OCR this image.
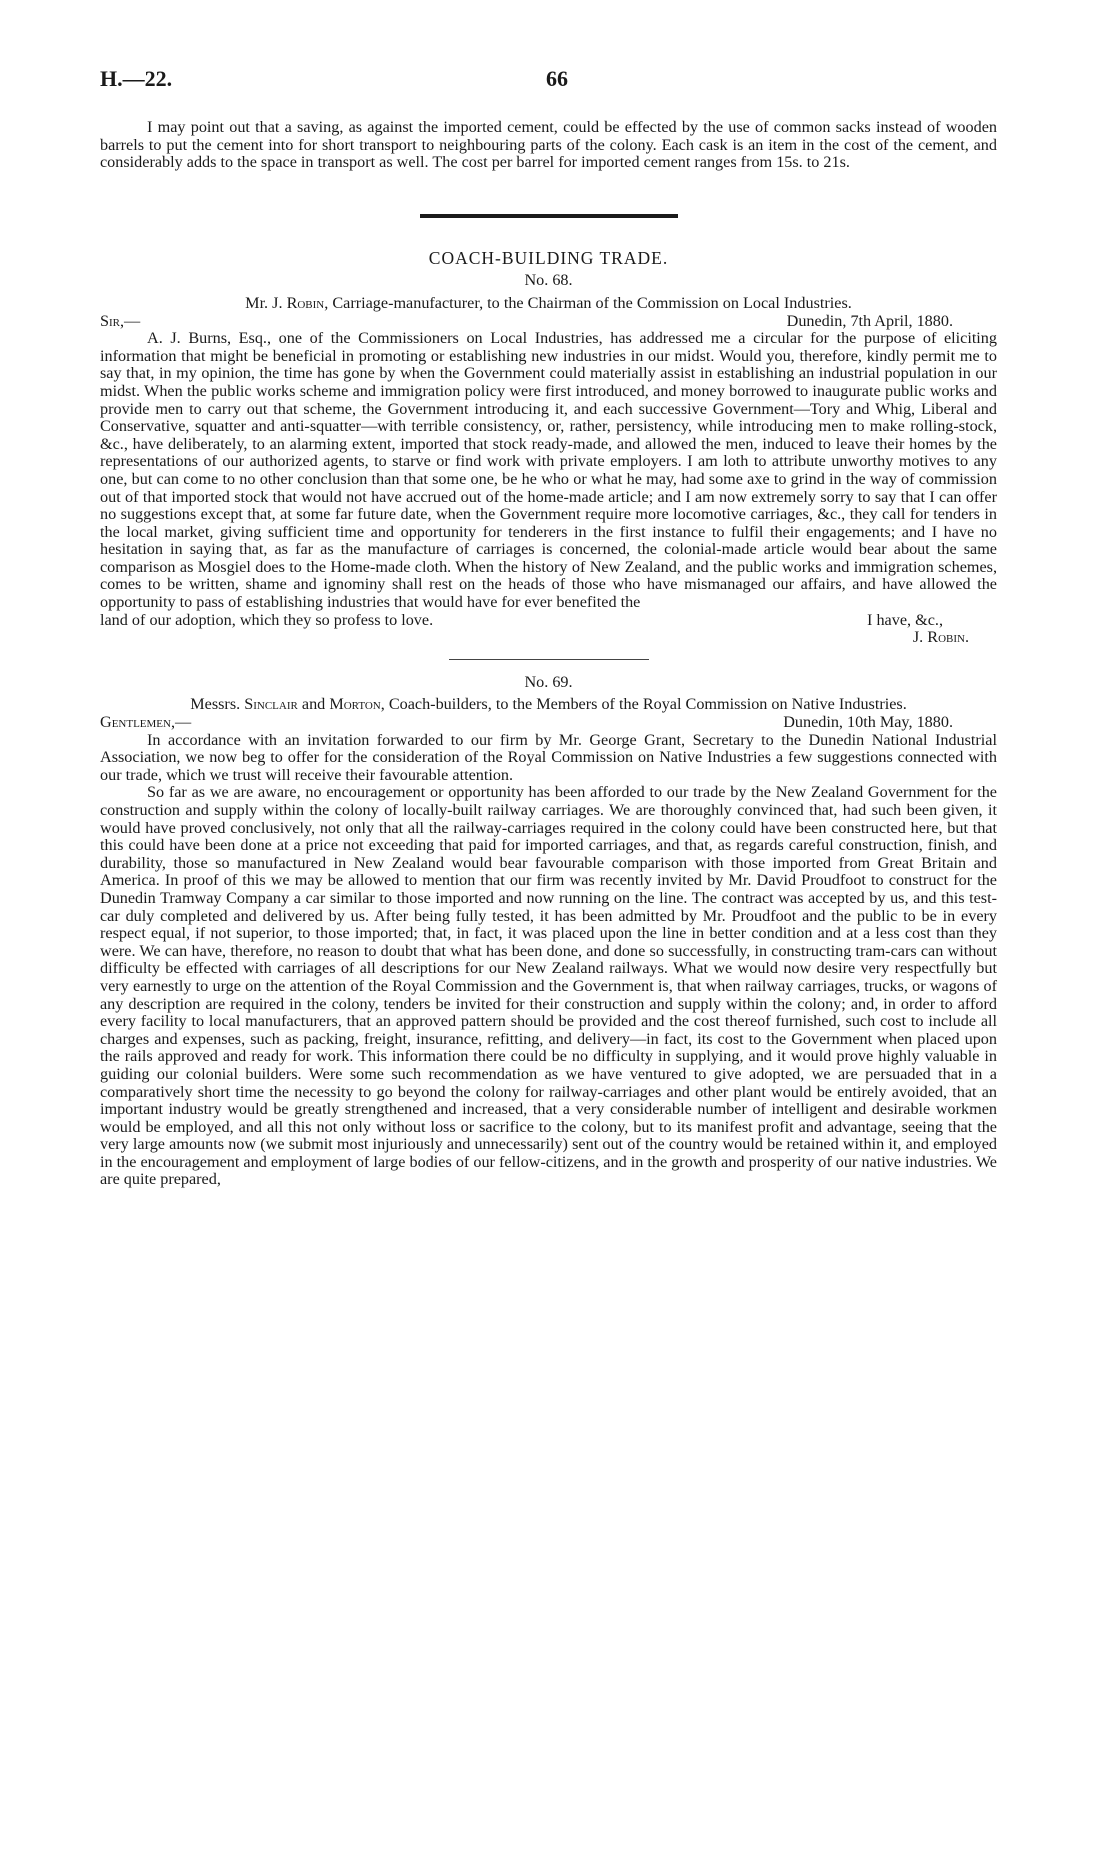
H.—22.	66

I may point out that a saving, as against the imported cement, could be effected by the use of common sacks instead of wooden barrels to put the cement into for short transport to neighbouring parts of the colony. Each cask is an item in the cost of the cement, and considerably adds to the space in transport as well. The cost per barrel for imported cement ranges from 15s. to 21s.

COACH-BUILDING TRADE.
No. 68.
Mr. J. Robin, Carriage-manufacturer, to the Chairman of the Commission on Local Industries.
Sir,—	Dunedin, 7th April, 1880.

A. J. Burns, Esq., one of the Commissioners on Local Industries, has addressed me a circular for the purpose of eliciting information that might be beneficial in promoting or establishing new industries in our midst. Would you, therefore, kindly permit me to say that, in my opinion, the time has gone by when the Government could materially assist in establishing an industrial population in our midst. When the public works scheme and immigration policy were first introduced, and money borrowed to inaugurate public works and provide men to carry out that scheme, the Government introducing it, and each successive Government—Tory and Whig, Liberal and Conservative, squatter and anti-squatter—with terrible consistency, or, rather, persistency, while introducing men to make rolling-stock, &c., have deliberately, to an alarming extent, imported that stock ready-made, and allowed the men, induced to leave their homes by the representations of our authorized agents, to starve or find work with private employers. I am loth to attribute unworthy motives to any one, but can come to no other conclusion than that some one, be he who or what he may, had some axe to grind in the way of commission out of that imported stock that would not have accrued out of the home-made article; and I am now extremely sorry to say that I can offer no suggestions except that, at some far future date, when the Government require more locomotive carriages, &c., they call for tenders in the local market, giving sufficient time and opportunity for tenderers in the first instance to fulfil their engagements; and I have no hesitation in saying that, as far as the manufacture of carriages is concerned, the colonial-made article would bear about the same comparison as Mosgiel does to the Home-made cloth. When the history of New Zealand, and the public works and immigration schemes, comes to be written, shame and ignominy shall rest on the heads of those who have mismanaged our affairs, and have allowed the opportunity to pass of establishing industries that would have for ever benefited the

land of our adoption, which they so profess to love.	I have, &c.,
J. Robin.
No. 69.
Messrs. Sinclair and Morton, Coach-builders, to the Members of the Royal Commission on Native Industries.
Gentlemen,—	Dunedin, 10th May, 1880.

In accordance with an invitation forwarded to our firm by Mr. George Grant, Secretary to the Dunedin National Industrial Association, we now beg to offer for the consideration of the Royal Commission on Native Industries a few suggestions connected with our trade, which we trust will receive their favourable attention.

So far as we are aware, no encouragement or opportunity has been afforded to our trade by the New Zealand Government for the construction and supply within the colony of locally-built railway carriages. We are thoroughly convinced that, had such been given, it would have proved conclusively, not only that all the railway-carriages required in the colony could have been constructed here, but that this could have been done at a price not exceeding that paid for imported carriages, and that, as regards careful construction, finish, and durability, those so manufactured in New Zealand would bear favourable comparison with those imported from Great Britain and America. In proof of this we may be allowed to mention that our firm was recently invited by Mr. David Proudfoot to construct for the Dunedin Tramway Company a car similar to those imported and now running on the line. The contract was accepted by us, and this test-car duly completed and delivered by us. After being fully tested, it has been admitted by Mr. Proudfoot and the public to be in every respect equal, if not superior, to those imported; that, in fact, it was placed upon the line in better condition and at a less cost than they were. We can have, therefore, no reason to doubt that what has been done, and done so successfully, in constructing tram-cars can without difficulty be effected with carriages of all descriptions for our New Zealand railways. What we would now desire very respectfully but very earnestly to urge on the attention of the Royal Commission and the Government is, that when railway carriages, trucks, or wagons of any description are required in the colony, tenders be invited for their construction and supply within the colony; and, in order to afford every facility to local manufacturers, that an approved pattern should be provided and the cost thereof furnished, such cost to include all charges and expenses, such as packing, freight, insurance, refitting, and delivery—in fact, its cost to the Government when placed upon the rails approved and ready for work. This information there could be no difficulty in supplying, and it would prove highly valuable in guiding our colonial builders. Were some such recommendation as we have ventured to give adopted, we are persuaded that in a comparatively short time the necessity to go beyond the colony for railway-carriages and other plant would be entirely avoided, that an important industry would be greatly strengthened and increased, that a very considerable number of intelligent and desirable workmen would be employed, and all this not only without loss or sacrifice to the colony, but to its manifest profit and advantage, seeing that the very large amounts now (we submit most injuriously and unnecessarily) sent out of the country would be retained within it, and employed in the encouragement and employment of large bodies of our fellow-citizens, and in the growth and prosperity of our native industries. We are quite prepared,
